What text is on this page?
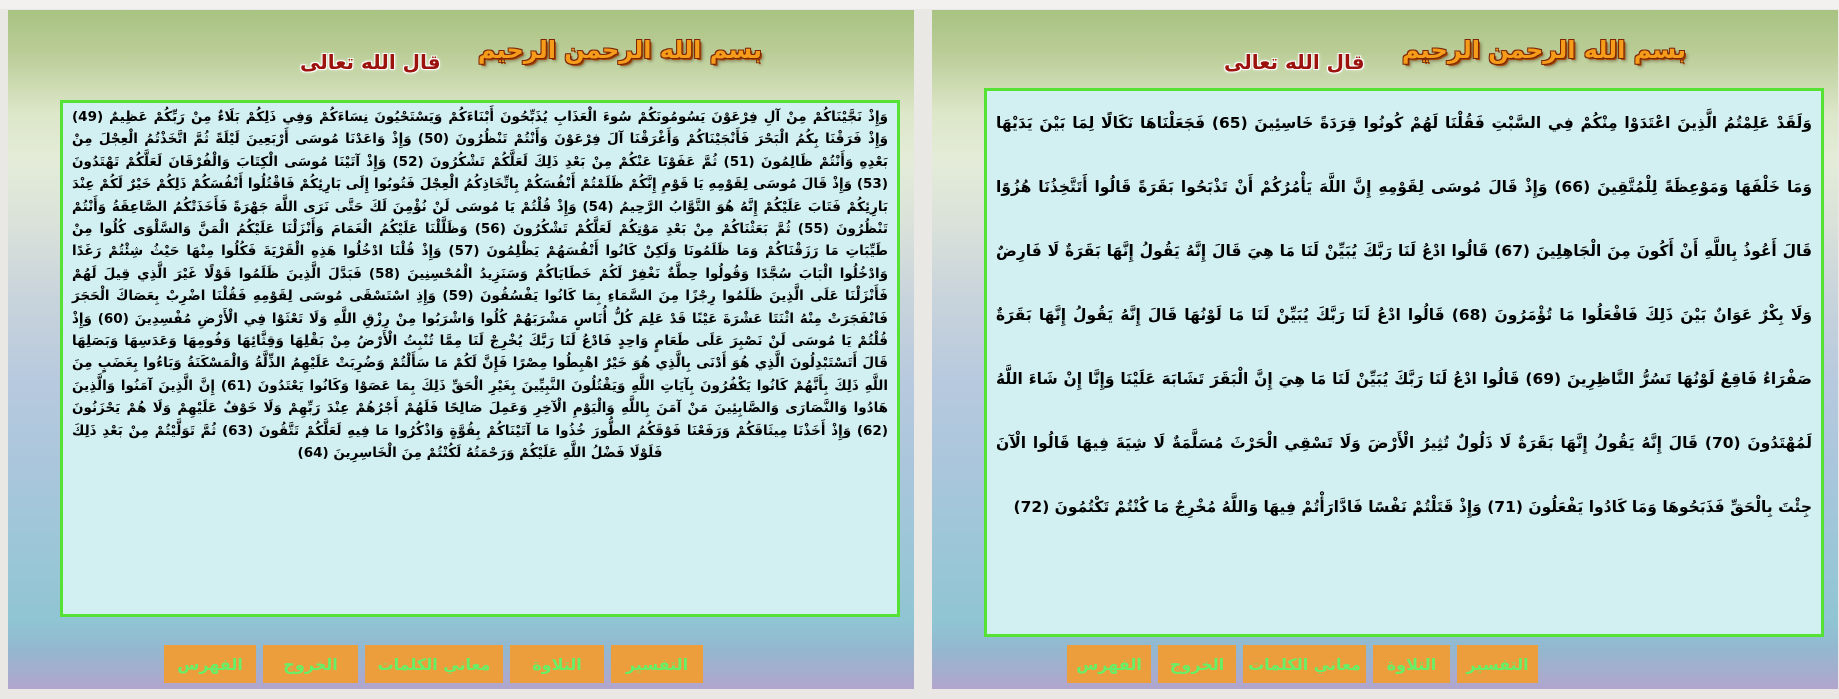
بسم الله الرحمن الرحيم
قال الله تعالى
وَإِذْ نَجَّيْنَاكُمْ مِنْ آلِ فِرْعَوْنَ يَسُومُونَكُمْ سُوءَ الْعَذَابِ يُذَبِّحُونَ أَبْنَاءَكُمْ وَيَسْتَحْيُونَ نِسَاءَكُمْ وَفِي ذَلِكُمْ بَلَاءٌ مِنْ رَبِّكُمْ عَظِيمٌ (49) وَإِذْ فَرَقْنَا بِكُمُ الْبَحْرَ فَأَنْجَيْنَاكُمْ وَأَغْرَقْنَا آلَ فِرْعَوْنَ وَأَنْتُمْ تَنْظُرُونَ (50) وَإِذْ وَاعَدْنَا مُوسَى أَرْبَعِينَ لَيْلَةً ثُمَّ اتَّخَذْتُمُ الْعِجْلَ مِنْ بَعْدِهِ وَأَنْتُمْ ظَالِمُونَ (51) ثُمَّ عَفَوْنَا عَنْكُمْ مِنْ بَعْدِ ذَلِكَ لَعَلَّكُمْ تَشْكُرُونَ (52) وَإِذْ آتَيْنَا مُوسَى الْكِتَابَ وَالْفُرْقَانَ لَعَلَّكُمْ تَهْتَدُونَ (53) وَإِذْ قَالَ مُوسَى لِقَوْمِهِ يَا قَوْمِ إِنَّكُمْ ظَلَمْتُمْ أَنْفُسَكُمْ بِاتِّخَاذِكُمُ الْعِجْلَ فَتُوبُوا إِلَى بَارِئِكُمْ فَاقْتُلُوا أَنْفُسَكُمْ ذَلِكُمْ خَيْرٌ لَكُمْ عِنْدَ بَارِئِكُمْ فَتَابَ عَلَيْكُمْ إِنَّهُ هُوَ التَّوَّابُ الرَّحِيمُ (54) وَإِذْ قُلْتُمْ يَا مُوسَى لَنْ نُؤْمِنَ لَكَ حَتَّى نَرَى اللَّهَ جَهْرَةً فَأَخَذَتْكُمُ الصَّاعِقَةُ وَأَنْتُمْ تَنْظُرُونَ (55) ثُمَّ بَعَثْنَاكُمْ مِنْ بَعْدِ مَوْتِكُمْ لَعَلَّكُمْ تَشْكُرُونَ (56) وَظَلَّلْنَا عَلَيْكُمُ الْغَمَامَ وَأَنْزَلْنَا عَلَيْكُمُ الْمَنَّ وَالسَّلْوَى كُلُوا مِنْ طَيِّبَاتِ مَا رَزَقْنَاكُمْ وَمَا ظَلَمُونَا وَلَكِنْ كَانُوا أَنْفُسَهُمْ يَظْلِمُونَ (57) وَإِذْ قُلْنَا ادْخُلُوا هَذِهِ الْقَرْيَةَ فَكُلُوا مِنْهَا حَيْثُ شِئْتُمْ رَغَدًا وَادْخُلُوا الْبَابَ سُجَّدًا وَقُولُوا حِطَّةٌ نَغْفِرْ لَكُمْ خَطَايَاكُمْ وَسَنَزِيدُ الْمُحْسِنِينَ (58) فَبَدَّلَ الَّذِينَ ظَلَمُوا قَوْلًا غَيْرَ الَّذِي قِيلَ لَهُمْ فَأَنْزَلْنَا عَلَى الَّذِينَ ظَلَمُوا رِجْزًا مِنَ السَّمَاءِ بِمَا كَانُوا يَفْسُقُونَ (59) وَإِذِ اسْتَسْقَى مُوسَى لِقَوْمِهِ فَقُلْنَا اضْرِبْ بِعَصَاكَ الْحَجَرَ فَانْفَجَرَتْ مِنْهُ اثْنَتَا عَشْرَةَ عَيْنًا قَدْ عَلِمَ كُلُّ أُنَاسٍ مَشْرَبَهُمْ كُلُوا وَاشْرَبُوا مِنْ رِزْقِ اللَّهِ وَلَا تَعْثَوْا فِي الْأَرْضِ مُفْسِدِينَ (60) وَإِذْ قُلْتُمْ يَا مُوسَى لَنْ نَصْبِرَ عَلَى طَعَامٍ وَاحِدٍ فَادْعُ لَنَا رَبَّكَ يُخْرِجْ لَنَا مِمَّا تُنْبِتُ الْأَرْضُ مِنْ بَقْلِهَا وَقِثَّائِهَا وَفُومِهَا وَعَدَسِهَا وَبَصَلِهَا قَالَ أَتَسْتَبْدِلُونَ الَّذِي هُوَ أَدْنَى بِالَّذِي هُوَ خَيْرٌ اهْبِطُوا مِصْرًا فَإِنَّ لَكُمْ مَا سَأَلْتُمْ وَضُرِبَتْ عَلَيْهِمُ الذِّلَّةُ وَالْمَسْكَنَةُ وَبَاءُوا بِغَضَبٍ مِنَ اللَّهِ ذَلِكَ بِأَنَّهُمْ كَانُوا يَكْفُرُونَ بِآيَاتِ اللَّهِ وَيَقْتُلُونَ النَّبِيِّينَ بِغَيْرِ الْحَقِّ ذَلِكَ بِمَا عَصَوْا وَكَانُوا يَعْتَدُونَ (61) إِنَّ الَّذِينَ آمَنُوا وَالَّذِينَ هَادُوا وَالنَّصَارَى وَالصَّابِئِينَ مَنْ آمَنَ بِاللَّهِ وَالْيَوْمِ الْآخِرِ وَعَمِلَ صَالِحًا فَلَهُمْ أَجْرُهُمْ عِنْدَ رَبِّهِمْ وَلَا خَوْفٌ عَلَيْهِمْ وَلَا هُمْ يَحْزَنُونَ (62) وَإِذْ أَخَذْنَا مِيثَاقَكُمْ وَرَفَعْنَا فَوْقَكُمُ الطُّورَ خُذُوا مَا آتَيْنَاكُمْ بِقُوَّةٍ وَاذْكُرُوا مَا فِيهِ لَعَلَّكُمْ تَتَّقُونَ (63) ثُمَّ تَوَلَّيْتُمْ مِنْ بَعْدِ ذَلِكَ فَلَوْلَا فَضْلُ اللَّهِ عَلَيْكُمْ وَرَحْمَتُهُ لَكُنْتُمْ مِنَ الْخَاسِرِينَ (64)
التفسير
التلاوة
معاني الكلمات
الخروج
الفهرس
بسم الله الرحمن الرحيم
قال الله تعالى
وَلَقَدْ عَلِمْتُمُ الَّذِينَ اعْتَدَوْا مِنْكُمْ فِي السَّبْتِ فَقُلْنَا لَهُمْ كُونُوا قِرَدَةً خَاسِئِينَ (65) فَجَعَلْنَاهَا نَكَالًا لِمَا بَيْنَ يَدَيْهَا وَمَا خَلْفَهَا وَمَوْعِظَةً لِلْمُتَّقِينَ (66) وَإِذْ قَالَ مُوسَى لِقَوْمِهِ إِنَّ اللَّهَ يَأْمُرُكُمْ أَنْ تَذْبَحُوا بَقَرَةً قَالُوا أَتَتَّخِذُنَا هُزُوًا قَالَ أَعُوذُ بِاللَّهِ أَنْ أَكُونَ مِنَ الْجَاهِلِينَ (67) قَالُوا ادْعُ لَنَا رَبَّكَ يُبَيِّنْ لَنَا مَا هِيَ قَالَ إِنَّهُ يَقُولُ إِنَّهَا بَقَرَةٌ لَا فَارِضٌ وَلَا بِكْرٌ عَوَانٌ بَيْنَ ذَلِكَ فَافْعَلُوا مَا تُؤْمَرُونَ (68) قَالُوا ادْعُ لَنَا رَبَّكَ يُبَيِّنْ لَنَا مَا لَوْنُهَا قَالَ إِنَّهُ يَقُولُ إِنَّهَا بَقَرَةٌ صَفْرَاءُ فَاقِعٌ لَوْنُهَا تَسُرُّ النَّاظِرِينَ (69) قَالُوا ادْعُ لَنَا رَبَّكَ يُبَيِّنْ لَنَا مَا هِيَ إِنَّ الْبَقَرَ تَشَابَهَ عَلَيْنَا وَإِنَّا إِنْ شَاءَ اللَّهُ لَمُهْتَدُونَ (70) قَالَ إِنَّهُ يَقُولُ إِنَّهَا بَقَرَةٌ لَا ذَلُولٌ تُثِيرُ الْأَرْضَ وَلَا تَسْقِي الْحَرْثَ مُسَلَّمَةٌ لَا شِيَةَ فِيهَا قَالُوا الْآنَ جِئْتَ بِالْحَقِّ فَذَبَحُوهَا وَمَا كَادُوا يَفْعَلُونَ (71) وَإِذْ قَتَلْتُمْ نَفْسًا فَادَّارَأْتُمْ فِيهَا وَاللَّهُ مُخْرِجٌ مَا كُنْتُمْ تَكْتُمُونَ (72)
التفسير
التلاوة
معاني الكلمات
الخروج
الفهرس
